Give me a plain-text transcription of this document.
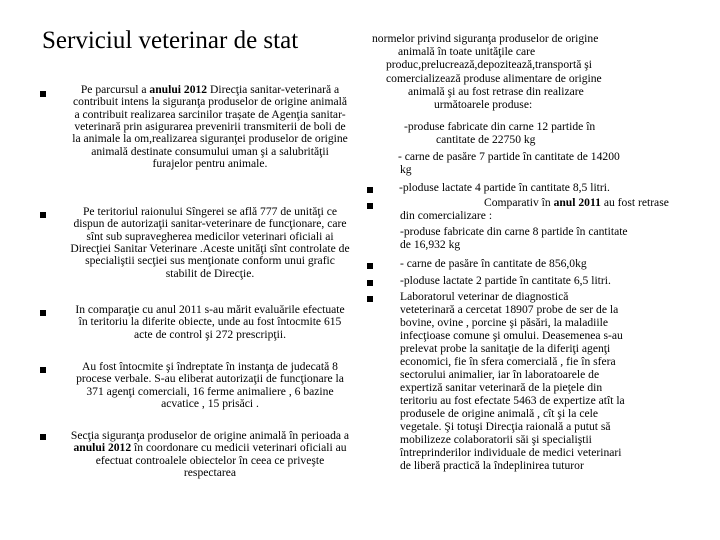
Serviciul veterinar de stat
Pe parcursul a anului 2012 Direcţia sanitar-veterinară a contribuit intens la siguranţa produselor de origine animală a contribuit realizarea sarcinilor trașate de Agenţia sanitar-veterinară prin asigurarea prevenirii transmiterii de boli de la animale la om,realizarea siguranţei produselor de origine animală destinate consumului uman şi a salubrităţii furajelor pentru animale.
Pe teritoriul raionului Sîngerei se află 777 de unităţi ce dispun de autorizaţii sanitar-veterinare de funcţionare, care sînt sub supravegherea medicilor veterinari oficiali ai Direcţiei Sanitar Veterinare .Aceste unităţi sînt controlate de specialiştii secţiei sus menţionate conform unui grafic stabilit de Direcţie.
In comparaţie cu anul 2011 s-au mărit evaluările efectuate în teritoriu la diferite obiecte, unde au fost întocmite 615 acte de control şi 272 prescripţii.
Au fost întocmite şi îndreptate în instanţa de judecată 8 procese verbale. S-au eliberat autorizaţii de funcţionare la 371 agenţi comerciali, 16 ferme animaliere , 6 bazine acvatice , 15 prisăci .
Secţia siguranţa produselor de origine animală în perioada a anului 2012 în coordonare cu medicii veterinari oficiali au efectuat controalele obiectelor în ceea ce priveşte respectarea
normelor privind siguranţa produselor de origine
animală în toate unităţile care
produc,prelucrează,depozitează,transportă şi
comercializează produse alimentare de origine
animală şi au fost retrase din realizare
următoarele produse:
-produse fabricate din carne 12 partide în
cantitate de 22750 kg
- carne de pasăre 7 partide în cantitate de 14200
kg
-ploduse lactate 4 partide în cantitate 8,5 litri.
Comparativ în anul 2011 au fost retrase
din comercializare :
-produse fabricate din carne 8 partide în cantitate
de 16,932 kg
- carne de pasăre în cantitate de 856,0kg
-ploduse lactate 2 partide în cantitate 6,5 litri.
Laboratorul veterinar de diagnostică
veteterinară a cercetat 18907 probe de ser de la
bovine, ovine , porcine şi păsări, la maladiile
infecţioase comune şi omului. Deasemenea s-au
prelevat probe la sanitaţie de la diferiţi agenţi
economici, fie în sfera comercială , fie în sfera
sectorului animalier, iar în laboratoarele de
expertiză sanitar veterinară de la pieţele din
teritoriu au fost efectate 5463 de expertize atît la
produsele de origine animală , cît şi la cele
vegetale. Şi totuşi Direcţia raională a putut să
mobilizeze colaboratorii săi şi specialiştii
întreprinderilor individuale de medici veterinari
de liberă practică la îndeplinirea tuturor
